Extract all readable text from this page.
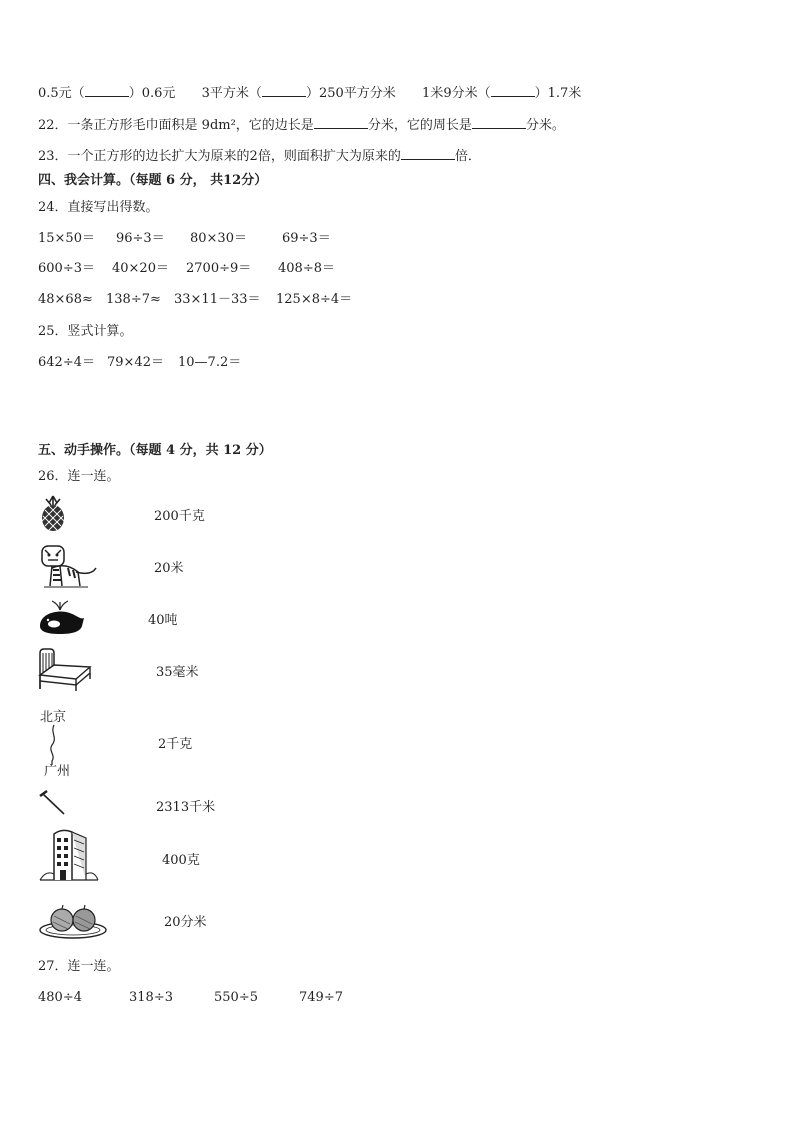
0.5元（	）0.6元 3平方米（	）250平方分米 1米9分米（	）1.7米
22．一条正方形毛巾面积是 9dm²，它的边长是	分米，它的周长是	分米。
23．一个正方形的边长扩大为原来的2倍，则面积扩大为原来的	倍．
四、我会计算。（每题 6 分， 共12分）
24．直接写出得数。
15×50＝ 96÷3＝ 80×30＝	69÷3＝
600÷3＝ 40×20＝ 2700÷9＝ 408÷8＝
48×68≈ 138÷7≈ 33×11－33＝ 125×8÷4＝
25．竖式计算。
642÷4＝ 79×42＝ 10—7.2＝
五、动手操作。（每题 4 分，共 12 分）
26．连一连。
200千克
20米
40吨
35毫米
北京
广州
2千克
2313千米
400克
20分米
27．连一连。
480÷4	318÷3	550÷5	749÷7
